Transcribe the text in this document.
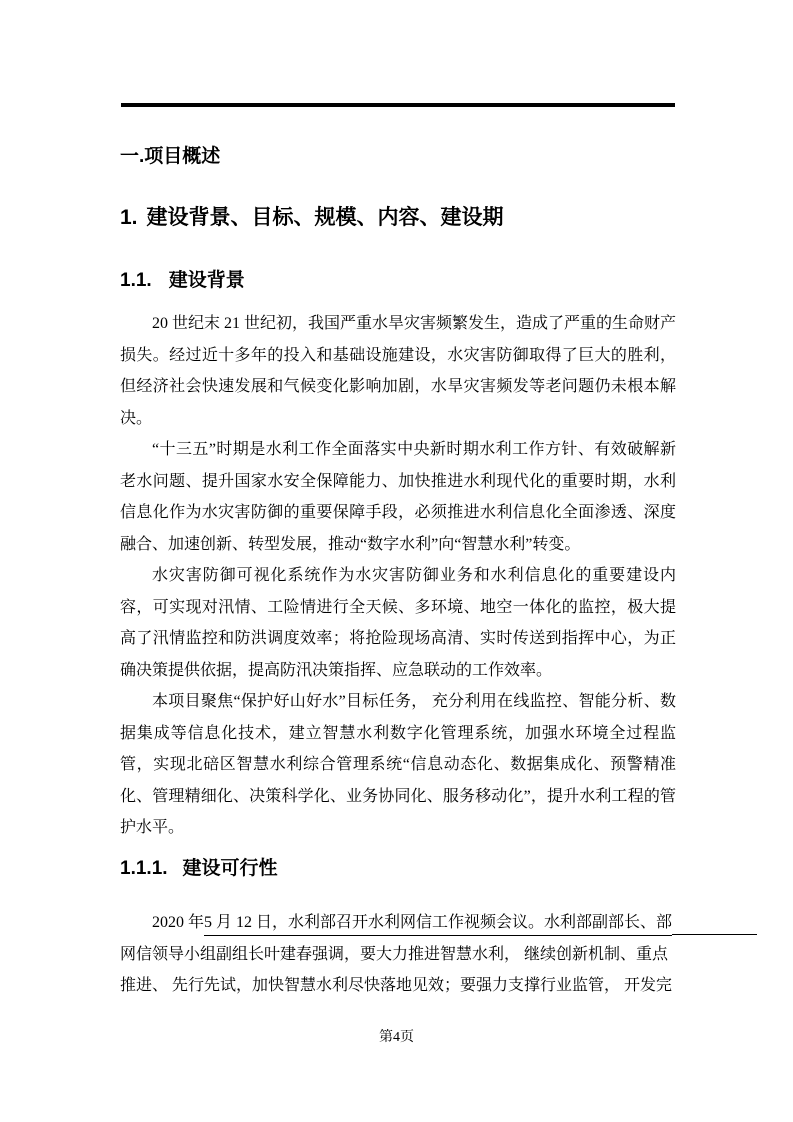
一.项目概述
1. 建设背景、目标、规模、内容、建设期
1.1. 建设背景

20 世纪末 21 世纪初，我国严重水旱灾害频繁发生，造成了严重的生命财产损失。经过近十多年的投入和基础设施建设，水灾害防御取得了巨大的胜利，但经济社会快速发展和气候变化影响加剧，水旱灾害频发等老问题仍未根本解决。

“十三五”时期是水利工作全面落实中央新时期水利工作方针、有效破解新老水问题、提升国家水安全保障能力、加快推进水利现代化的重要时期，水利信息化作为水灾害防御的重要保障手段，必须推进水利信息化全面渗透、深度融合、加速创新、转型发展，推动“数字水利”向“智慧水利”转变。

水灾害防御可视化系统作为水灾害防御业务和水利信息化的重要建设内容，可实现对汛情、工险情进行全天候、多环境、地空一体化的监控，极大提高了汛情监控和防洪调度效率；将抢险现场高清、实时传送到指挥中心，为正确决策提供依据，提高防汛决策指挥、应急联动的工作效率。

本项目聚焦“保护好山好水”目标任务， 充分利用在线监控、智能分析、数据集成等信息化技术，建立智慧水利数字化管理系统，加强水环境全过程监管，实现北碚区智慧水利综合管理系统“信息动态化、数据集成化、预警精准化、管理精细化、决策科学化、业务协同化、服务移动化”，提升水利工程的管护水平。

1.1.1. 建设可行性
2020 年 5 月 12 日，水利部召开水利网信工作视频会议。水利部副部长、部
网信领导小组副组长叶建春强调，要大力推进智慧水利， 继续创新机制、重点
推进、 先行先试，加快智慧水利尽快落地见效；要强力支撑行业监管， 开发完
第4页
